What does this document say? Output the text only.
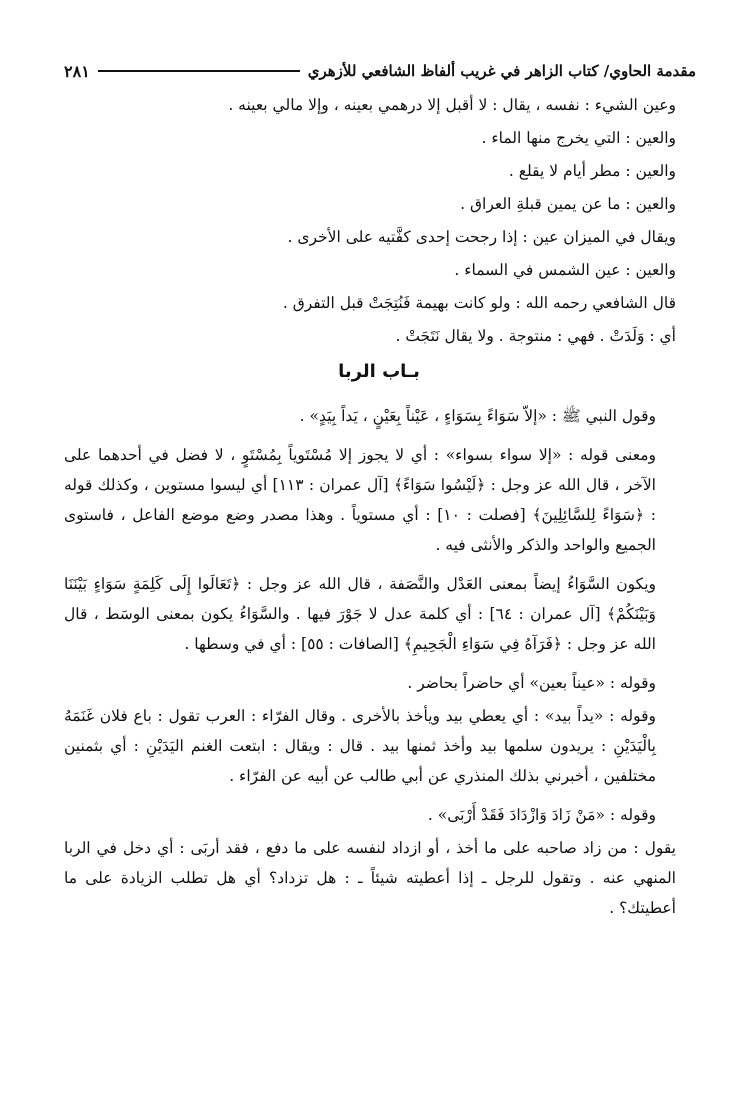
مقدمة الحاوي/ كتاب الزاهر في غريب ألفاظ الشافعي للأزهري
٢٨١

وعين الشيء : نفسه ، يقال : لا أقبل إلا درهمي بعينه ، وإلا مالي بعينه .

والعين : التي يخرج منها الماء .

والعين : مطر أيام لا يقلع .

والعين : ما عن يمين قبلةِ العراق .

ويقال في الميزان عين : إذا رجحت إحدى كفَّتيه على الأخرى .

والعين : عين الشمس في السماء .

قال الشافعي رحمه الله : ولو كانت بهيمة فَنُتِجَتْ قبل التفرق .

أي : وَلَدَتْ . فهي : منتوجة . ولا يقال نَتَجَتْ .

بـاب الربا

وقول النبي ﷺ : «إلاّ سَوَاءً بِسَوَاءٍ ، عَيْناً بِعَيْنٍ ، يَداً بِيَدٍ» .

ومعنى قوله : «إلا سواء بسواء» : أي لا يجوز إلا مُسْتَوياً بِمُسْتَوٍ ، لا فضل في أحدهما على الآخر ، قال الله عز وجل : ﴿لَيْسُوا سَوَاءً﴾ [آل عمران : ١١٣] أي ليسوا مستوين ، وكذلك قوله : ﴿سَوَاءً لِلسَّائِلِينَ﴾ [فصلت : ١٠] : أي مستوياً . وهذا مصدر وضع موضع الفاعل ، فاستوى الجميع والواحد والذكر والأنثى فيه .

ويكون السَّوَاءُ إيضاً بمعنى العَدْل والنَّصَفة ، قال الله عز وجل : ﴿تَعَالَوا إِلَى كَلِمَةٍ سَوَاءٍ بَيْنَنَا وَبَيْنَكُمْ﴾ [آل عمران : ٦٤] : أي كلمة عدل لا جَوْرَ فيها . والسَّوَاءُ يكون بمعنى الوسَط ، قال الله عز وجل : ﴿فَرَآهُ فِي سَوَاءِ الْجَحِيمِ﴾ [الصافات : ٥٥] : أي في وسطها .

وقوله : «عيناً بعين» أي حاضراً بحاضر .

وقوله : «يداً بيد» : أي يعطي بيد ويأخذ بالأخرى . وقال الفرّاء : العرب تقول : باع فلان غَنَمَهُ بِالْيَدَيْنِ : يريدون سلمها بيد وأخذ ثمنها بيد . قال : ويقال : ابتعت الغنم اليَدَيْنِ : أي بثمنين مختلفين ، أخبرني بذلك المنذري عن أبي طالب عن أبيه عن الفرّاء .

وقوله : «مَنْ زَادَ وَازْدَادَ فَقَدْ أَرْبَى» .

يقول : من زاد صاحبه على ما أخذ ، أو ازداد لنفسه على ما دفع ، فقد أربَى : أي دخل في الربا المنهي عنه . وتقول للرجل ـ إذا أعطيته شيئاً ـ : هل تزداد؟ أي هل تطلب الزيادة على ما أعطيتك؟ .
